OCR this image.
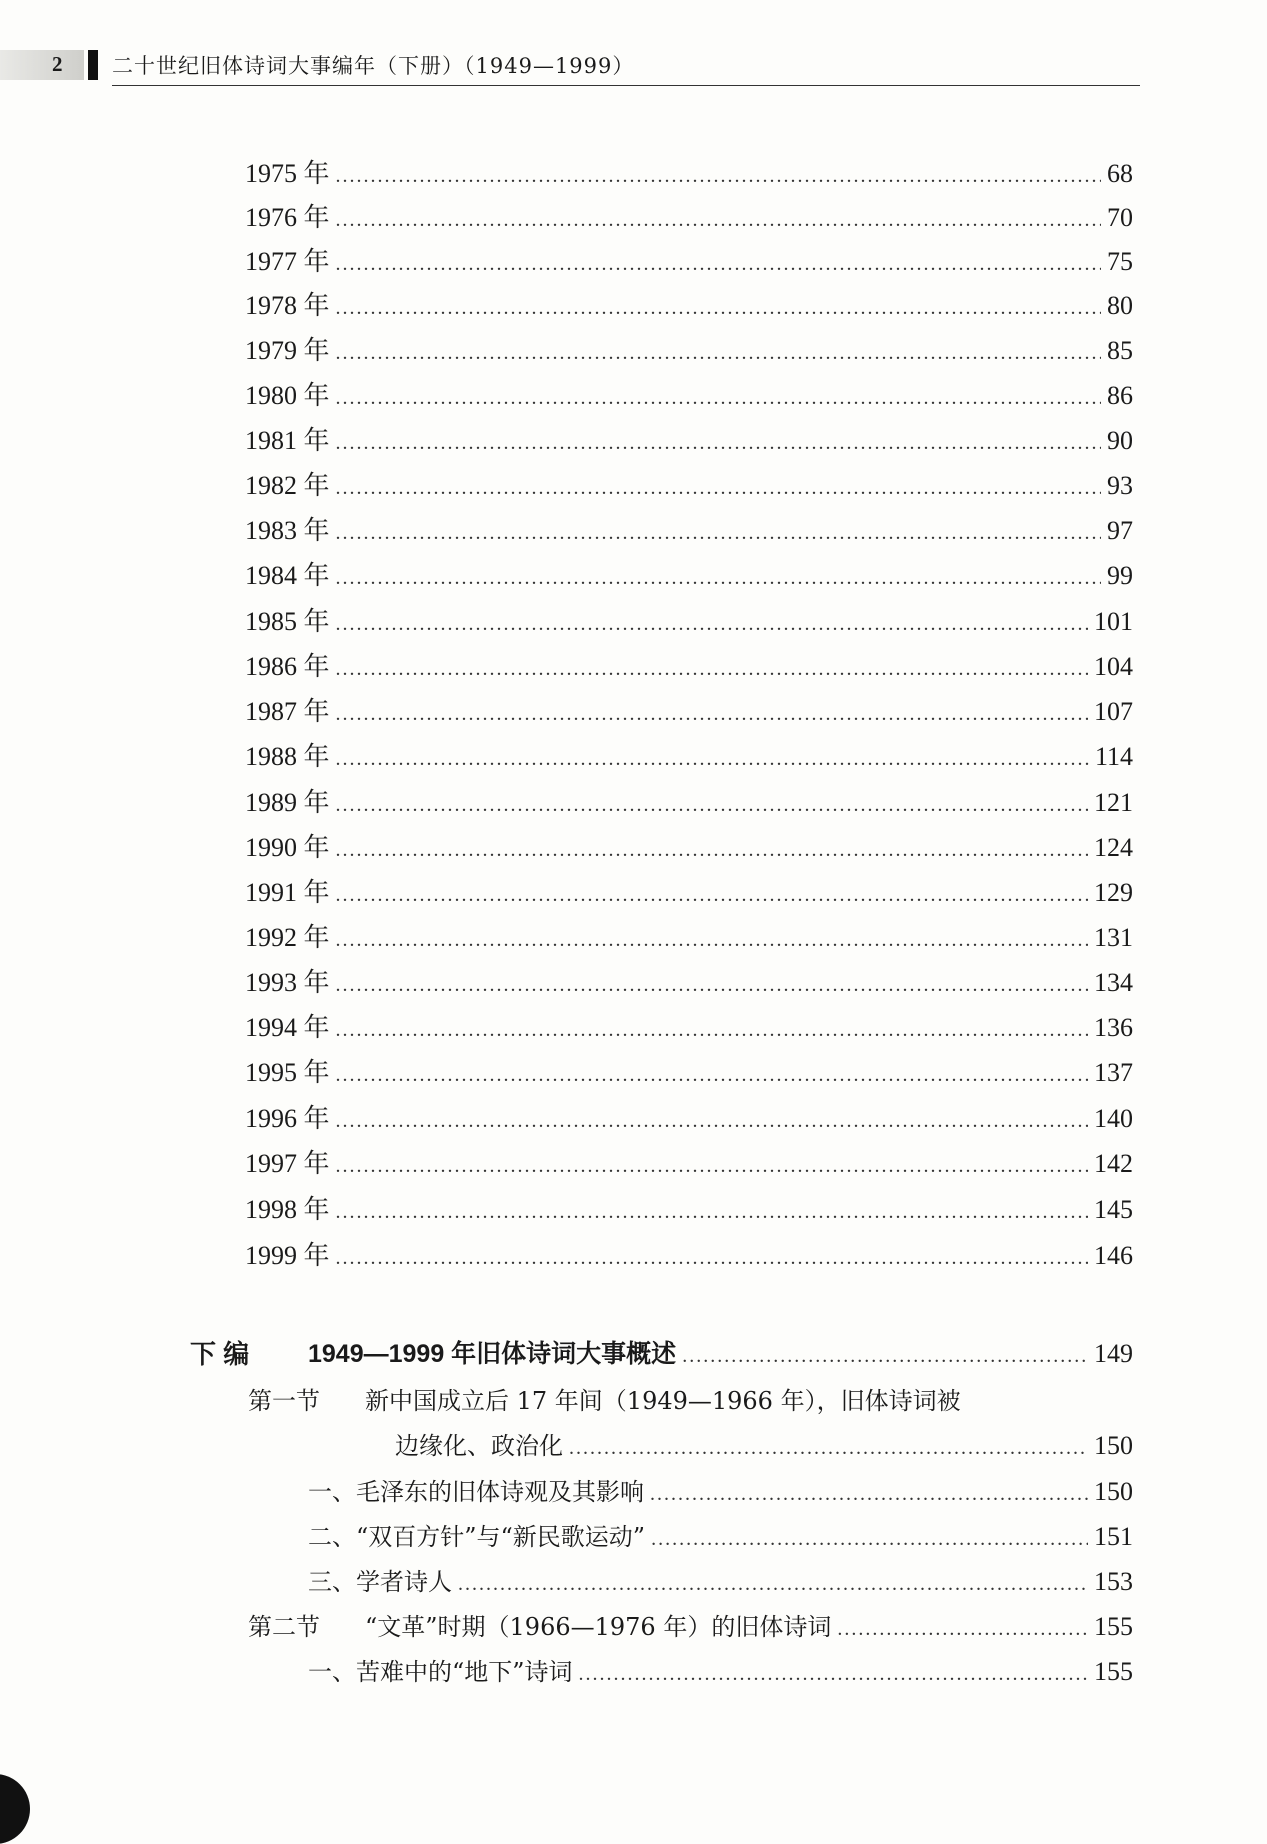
2 二十世纪旧体诗词大事编年（下册）（1949—1999）
1975 年 .....	68
1976 年 .....	70
1977 年 .....	75
1978 年 .....	80
1979 年 .....	85
1980 年 .....	86
1981 年 .....	90
1982 年 .....	93
1983 年 .....	97
1984 年 .....	99
1985 年 .....	101
1986 年 .....	104
1987 年 .....	107
1988 年 .....	114
1989 年 .....	121
1990 年 .....	124
1991 年 .....	129
1992 年 .....	131
1993 年 .....	134
1994 年 .....	136
1995 年 .....	137
1996 年 .....	140
1997 年 .....	142
1998 年 .....	145
1999 年 .....	146
下 编 1949—1999 年旧体诗词大事概述 .....	149
第一节 新中国成立后 17 年间（1949—1966 年），旧体诗词被
边缘化、政治化 .....	150
一、毛泽东的旧体诗观及其影响 .....	150
二、“双百方针”与“新民歌运动” .....	151
三、学者诗人 .....	153
第二节 “文革”时期（1966—1976 年）的旧体诗词 .....	155
一、苦难中的“地下”诗词 .....	155
